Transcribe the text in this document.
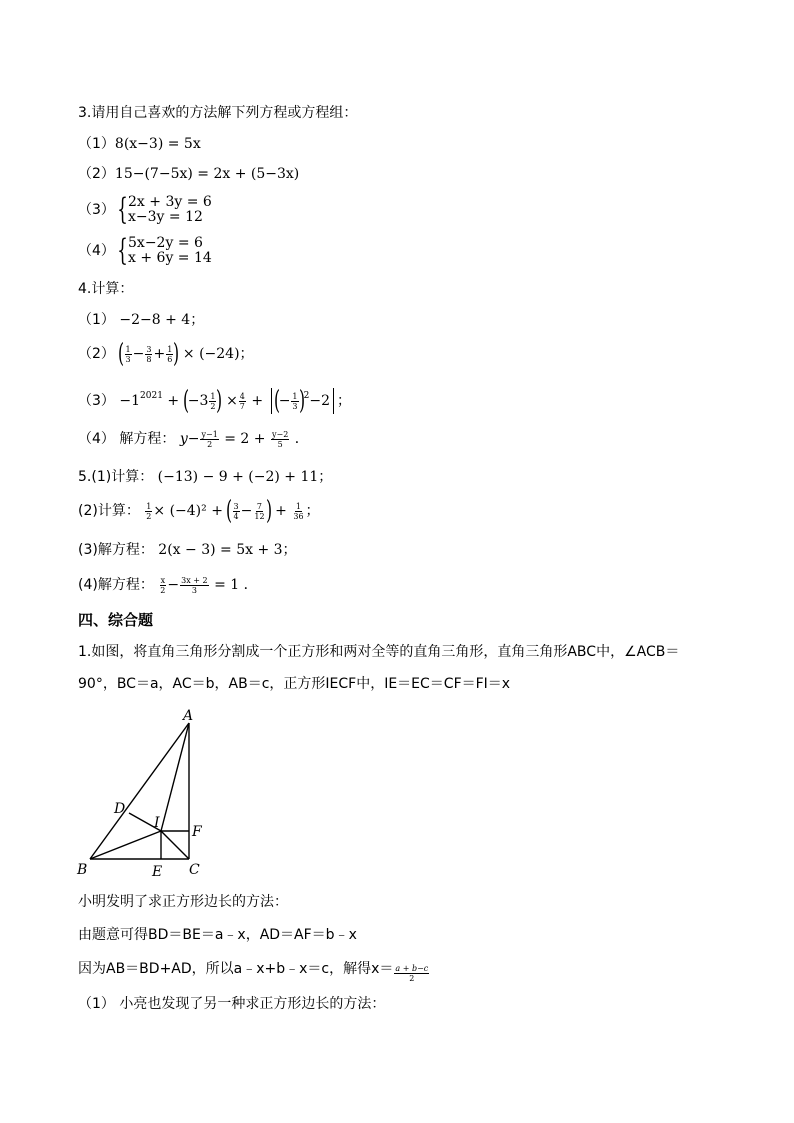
3.请用自己喜欢的方法解下列方程或方程组：
（1）8(x−3) = 5x
（2）15−(7−5x) = 2x + (5−3x)
（3）{ 2x + 3y = 6
x−3y = 12
（4）{ 5x−2y = 6
x + 6y = 14
4.计算：
（1） −2−8 + 4；
（2） ( $\frac{1}{3} - \frac{3}{8} + \frac{1}{6}$ ) × (−24)；
$(3) -1^{2021} + (-3 \frac{1}{2}$ ) × $\frac{4}{7}$ + (− $\frac{1}{3} )^2-2$ ；
（4） 解方程： $y- \frac{y-1}{2} = 2 + \frac{y-2}{5}$ ．
5.(1)计算： (−13) − 9 + (−2) + 11；
(2)计算： $\frac{1}{2} \times (-4)^2$ + ( $\frac{3}{4} - \frac{7}{12}$ ) + $\frac{1}{36}$ ；
(3)解方程： 2(x − 3) = 5x + 3；
(4)解方程： $\frac{x}{2} - \frac{3x + 2}{3} = 1$ ．
四、综合题
1.如图，将直角三角形分割成一个正方形和两对全等的直角三角形，直角三角形ABC中，∠ACB＝
90°，BC＝a，AC＝b，AB＝c，正方形IECF中，IE＝EC＝CF＝FI＝x
A
B	C
D
E
F
I
小明发明了求正方形边长的方法：
由题意可得BD＝BE＝a﹣x，AD＝AF＝b﹣x
因为AB＝BD+AD，所以a﹣x+b﹣x＝c，解得$x= \frac{a + b-c}{2}$
（1） 小亮也发现了另一种求正方形边长的方法：
